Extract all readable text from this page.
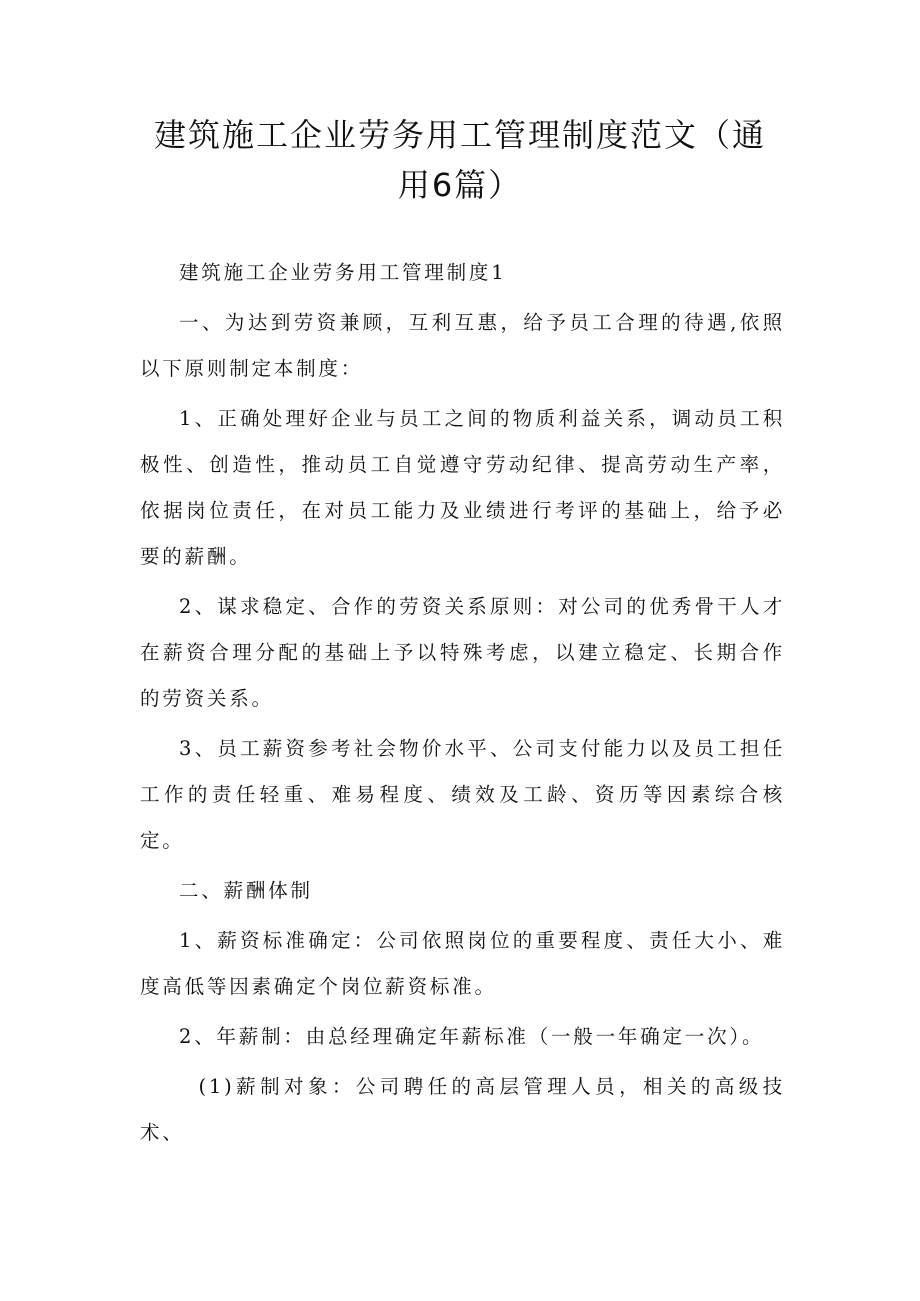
建筑施工企业劳务用工管理制度范文（通用6篇）

建筑施工企业劳务用工管理制度1

一、为达到劳资兼顾，互利互惠，给予员工合理的待遇,依照以下原则制定本制度：

1、正确处理好企业与员工之间的物质利益关系，调动员工积极性、创造性，推动员工自觉遵守劳动纪律、提高劳动生产率，依据岗位责任，在对员工能力及业绩进行考评的基础上，给予必要的薪酬。

2、谋求稳定、合作的劳资关系原则：对公司的优秀骨干人才在薪资合理分配的基础上予以特殊考虑，以建立稳定、长期合作的劳资关系。

3、员工薪资参考社会物价水平、公司支付能力以及员工担任工作的责任轻重、难易程度、绩效及工龄、资历等因素综合核定。

二、薪酬体制

1、薪资标准确定：公司依照岗位的重要程度、责任大小、难度高低等因素确定个岗位薪资标准。

2、年薪制：由总经理确定年薪标准（一般一年确定一次）。

(1)薪制对象：公司聘任的高层管理人员，相关的高级技术、
